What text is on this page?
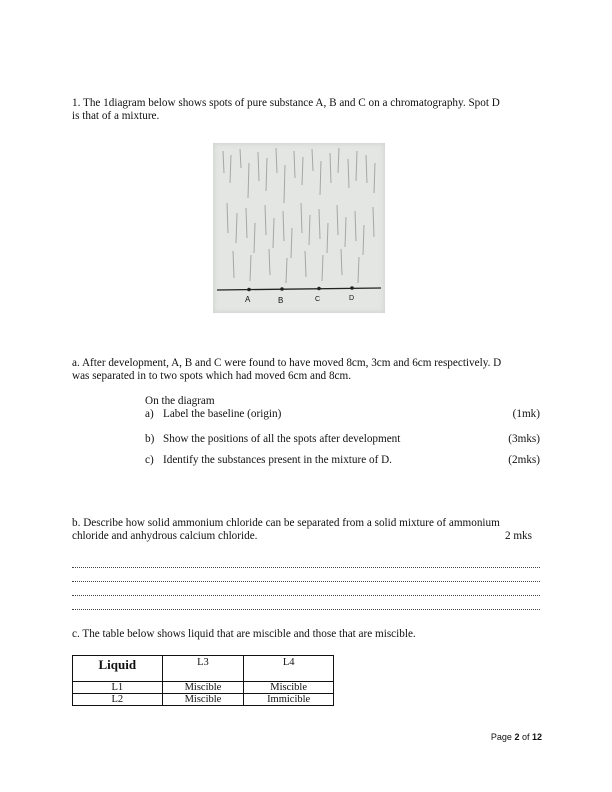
1. The 1diagram below shows spots of pure substance A, B and C on a chromatography. Spot D
is that of a mixture.
A	B	C	D
a. After development, A, B and C were found to have moved 8cm, 3cm and 6cm respectively. D
was separated in to two spots which had moved 6cm and 8cm.
On the diagram
a) Label the baseline (origin)	(1mk)
b) Show the positions of all the spots after development	(3mks)
c) Identify the substances present in the mixture of D.	(2mks)
b. Describe how solid ammonium chloride can be separated from a solid mixture of ammonium
chloride and anhydrous calcium chloride.	2 mks
c. The table below shows liquid that are miscible and those that are miscible.
Liquid	L3	L4
L1	Miscible	Miscible
L2	Miscible	Immicible
Page 2 of 12
